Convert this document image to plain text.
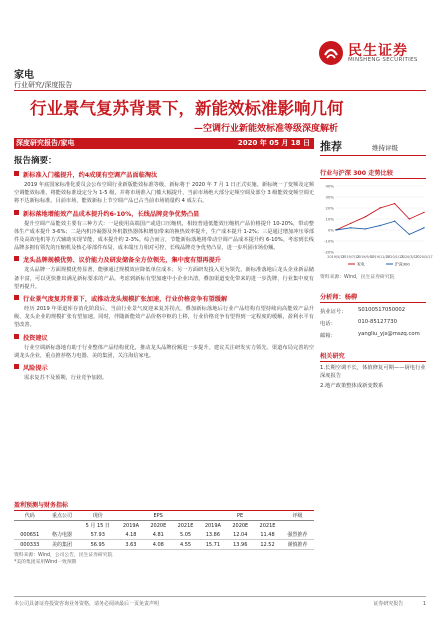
民生证券
MINSHENG SECURITIES
家电
行业研究/深度报告
行业景气复苏背景下，新能效标准影响几何
—空调行业新能效标准等级深度解析
深度研究报告/家电	2020 年 05 月 18 日
报告摘要：
新标准入门槛提升，约4成现有空调产品面临淘汰

2019 年底国家标准化委员会公布空调行业新版能效标准等级，新标将于 2020 年 7 月 1 日正式实施。新标统一了变频及定频空调能效标准，将能效标准设定分为 1-5 级，并将市场准入门槛大幅提升，当前市场绝大部分定频空调及部分 3 级能效变频空调无将不达新标标准。目前市场，能效新标上节空调产品已占当前市场销量约 4 成左右。

新标落地增能效产品成本提升约6-10%，长线品牌竞争优势凸显

提升空调产品能效主要有三种方式：一是使用高端国产或进口压缩机，相较普通低能效压缩机产品价格提升 10-20%，带动整体生产成本提升 3-6%；二是内机冷凝器及外机散热器体积增加带来的换热效率提升，生产成本提升 1-2%；三是通过增加冲压零部件及高效电机等方式辅助实现节能，成本提升约 2-3%。综合而言，节能新标落地将带动空调产品成本提升约 6-10%。考虑到长线品牌多拥有领先的压缩机及核心零部件布局，成本端压力相对可控，长线品牌竞争优势凸显，进一步巩固市场份额。

龙头品牌规模优势、议价能力及研发储备全方位领先，集中度有望再提升

龙头品牌一方面规模优势显著，能够通过规模效应降低单位成本；另一方面研发投入更为领先，新标准落地后龙头企业新品储备丰富，可以更快推出满足新标要求的产品。考虑到新标有望加速中小企业出清，叠加渠道变化带来的进一步洗牌，行业集中度有望再提升。

行业景气度复苏背景下，或推动龙头规模扩张加速，行业价格竞争有望缓解

经历 2019 年渠道库存消化阶段后，当前行业景气度迎来复苏拐点，叠加新标落地后行业产品结构有望持续向高能效产品升级，龙头企业的规模扩张有望加速。同时，伴随新能效产品价格中枢的上移，行业价格竞争有望得到一定程度的缓解，盈利水平有望改善。

投资建议

行业空调新标落地有助于行业整体产品结构优化，推动龙头品牌份额进一步提升。建议关注研发实力领先、渠道布局完善的空调龙头企业，重点推荐格力电器、美的集团，关注海信家电。

风险提示

需求复苏不及预期，行业竞争加剧。

盈利预测与财务指标
代码	重点公司	现价	EPS			PE			评级
		5 月 15 日	2019A	2020E	2021E	2019A	2020E	2021E	
000651	格力电器	57.93	4.18	4.81	5.05	13.86	12.04	11.48	强烈推荐
000333	美的集团	56.95	3.63	4.08	4.55	15.71	13.96	12.52	谨慎推荐
资料来源：Wind，公司公告，民生证券研究院
*美的集团采用Wind一致预期
推荐	维持评级
行业与沪深 300 走势比较
40%
30%
20%
10%
0%
-10%
-20%
2019/5/17
2019/7/17
2019/9/17
2019/11/17
2020/1/17
2020/3/17
2020/5/17
家电	沪深300
资料来源：Wind，民生证券研究院
分析师：杨柳
执业证号：	S0100517050002
电话：	010-85127730
邮箱：	yangliu_yjs@mszq.com
相关研究
1.长期空调不长，体值修复可期——厨电行业深度报告
2.地产政策整体成新变数系
本公司具备证券投资咨询业务资格，请务必阅读最后一页免责声明	证券研究报告	1
